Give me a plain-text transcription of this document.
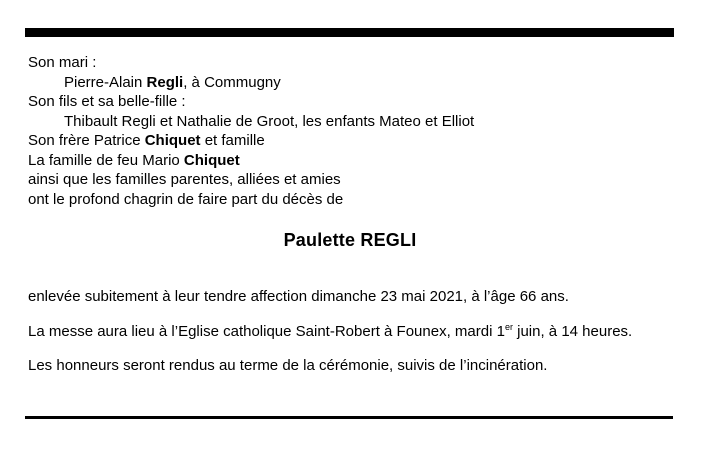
Son mari :
Pierre-Alain Regli, à Commugny
Son fils et sa belle-fille :
Thibault Regli et Nathalie de Groot, les enfants Mateo et Elliot
Son frère Patrice Chiquet et famille
La famille de feu Mario Chiquet
ainsi que les familles parentes, alliées et amies
ont le profond chagrin de faire part du décès de
Paulette REGLI

enlevée subitement à leur tendre affection dimanche 23 mai 2021, à l’âge 66 ans.

La messe aura lieu à l’Eglise catholique Saint-Robert à Founex, mardi 1er juin, à 14 heures.

Les honneurs seront rendus au terme de la cérémonie, suivis de l’incinération.
